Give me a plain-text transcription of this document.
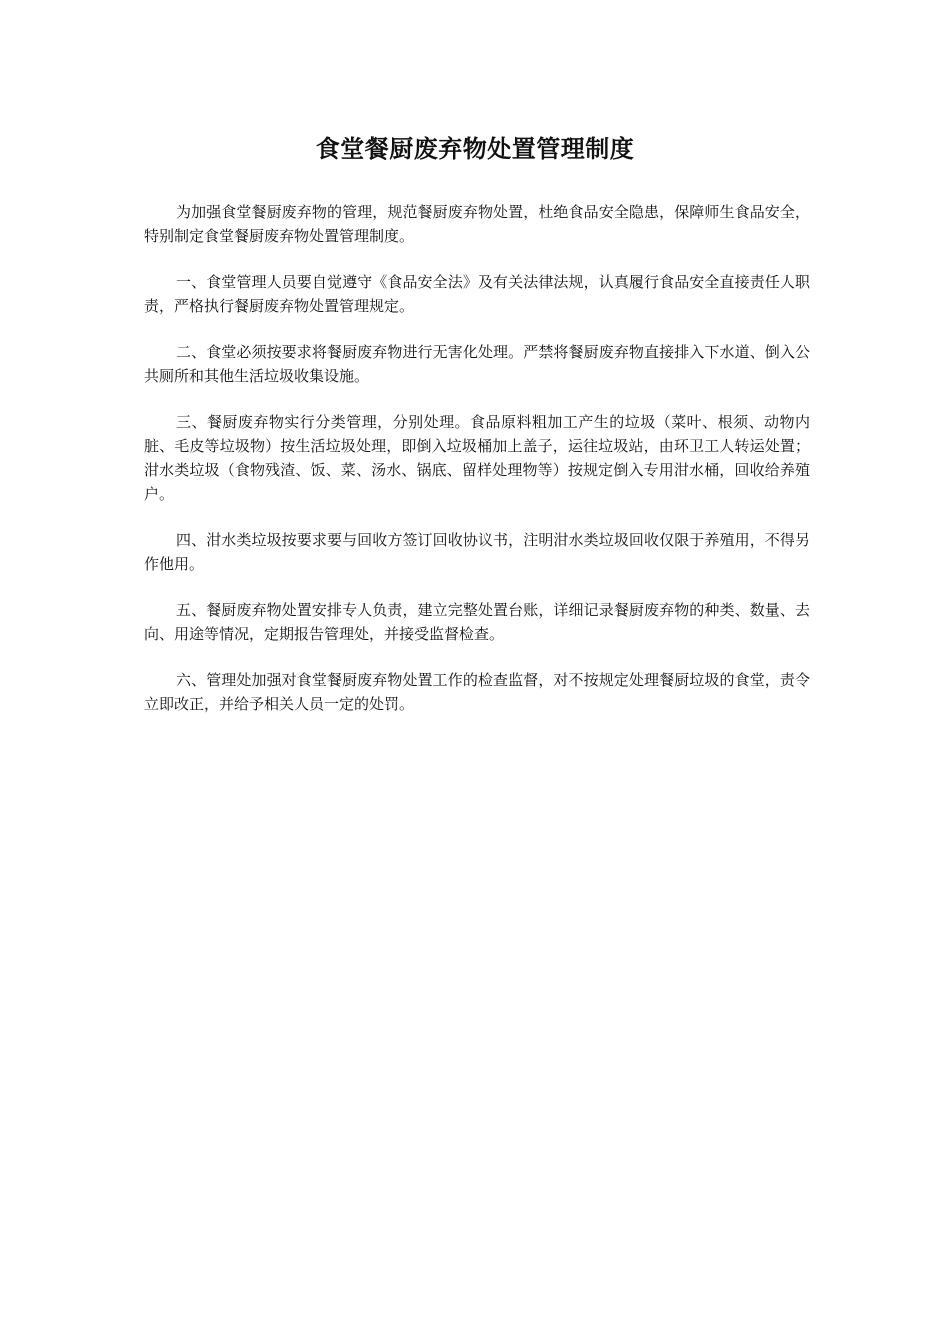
食堂餐厨废弃物处置管理制度

为加强食堂餐厨废弃物的管理，规范餐厨废弃物处置，杜绝食品安全隐患，保障师生食品安全，特别制定食堂餐厨废弃物处置管理制度。

一、食堂管理人员要自觉遵守《食品安全法》及有关法律法规，认真履行食品安全直接责任人职责，严格执行餐厨废弃物处置管理规定。

二、食堂必须按要求将餐厨废弃物进行无害化处理。严禁将餐厨废弃物直接排入下水道、倒入公共厕所和其他生活垃圾收集设施。

三、餐厨废弃物实行分类管理，分别处理。食品原料粗加工产生的垃圾（菜叶、根须、动物内脏、毛皮等垃圾物）按生活垃圾处理，即倒入垃圾桶加上盖子，运往垃圾站，由环卫工人转运处置；泔水类垃圾（食物残渣、饭、菜、汤水、锅底、留样处理物等）按规定倒入专用泔水桶，回收给养殖户。

四、泔水类垃圾按要求要与回收方签订回收协议书，注明泔水类垃圾回收仅限于养殖用，不得另作他用。

五、餐厨废弃物处置安排专人负责，建立完整处置台账，详细记录餐厨废弃物的种类、数量、去向、用途等情况，定期报告管理处，并接受监督检查。

六、管理处加强对食堂餐厨废弃物处置工作的检查监督，对不按规定处理餐厨垃圾的食堂，责令立即改正，并给予相关人员一定的处罚。
